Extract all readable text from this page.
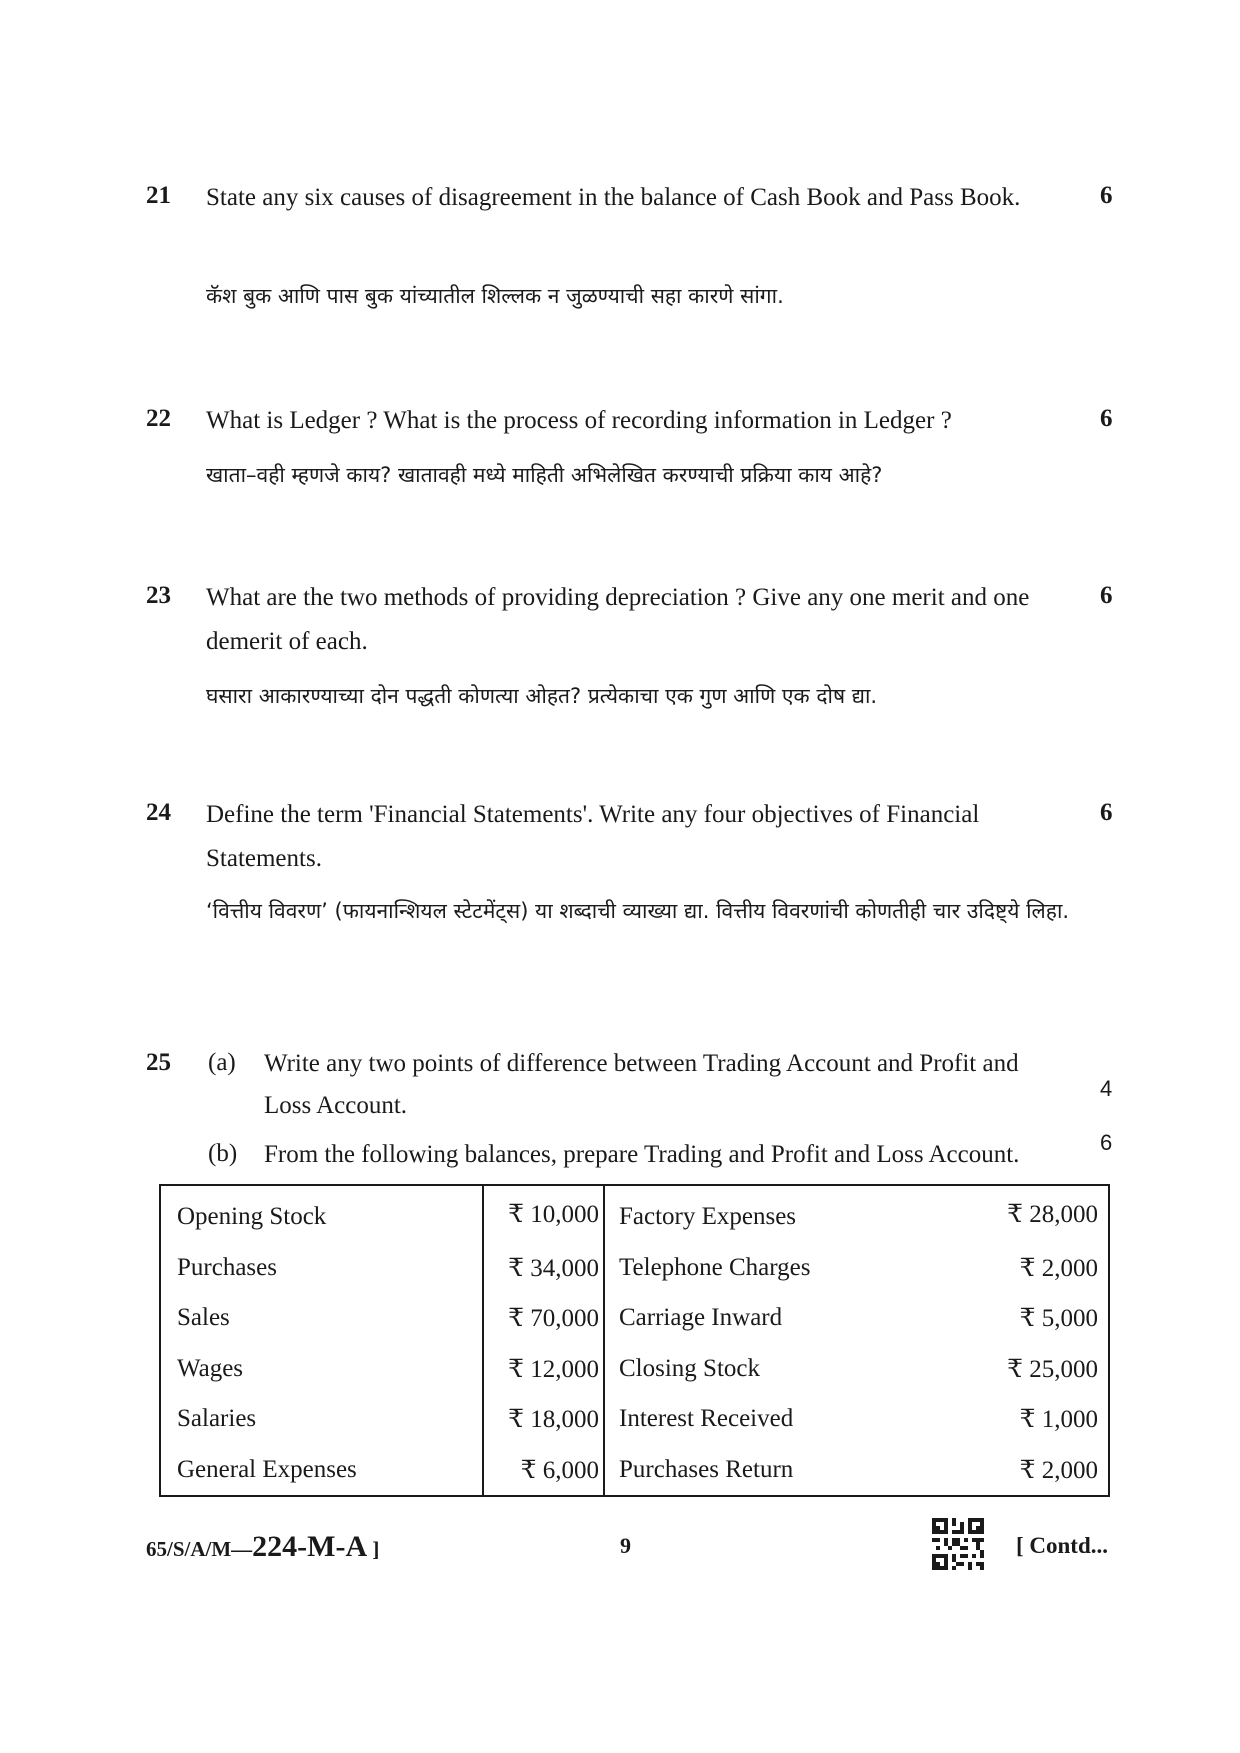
21 State any six causes of disagreement in the balance of Cash Book and Pass Book.
कॅश बुक आणि पास बुक यांच्यातील शिल्लक न जुळण्याची सहा कारणे सांगा.
6
22 What is Ledger ? What is the process of recording information in Ledger ?
खाता–वही म्हणजे काय? खातावही मध्ये माहिती अभिलेखित करण्याची प्रक्रिया काय आहे?
6
23 What are the two methods of providing depreciation ? Give any one merit and one demerit of each.
घसारा आकारण्याच्या दोन पद्धती कोणत्या ओहत? प्रत्येकाचा एक गुण आणि एक दोष द्या.
6
24 Define the term 'Financial Statements'. Write any four objectives of Financial Statements.
‘वित्तीय विवरण’ (फायनान्शियल स्टेटमेंट्स) या शब्दाची व्याख्या द्या. वित्तीय विवरणांची कोणतीही चार उदिष्ट्ये लिहा.
6
25 (a) Write any two points of difference between Trading Account and Profit and Loss Account.
4
(b) From the following balances, prepare Trading and Profit and Loss Account.	6
Opening Stock	₹ 10,000	Factory Expenses	₹ 28,000
Purchases	₹ 34,000	Telephone Charges	₹ 2,000
Sales	₹ 70,000	Carriage Inward	₹ 5,000
Wages	₹ 12,000	Closing Stock	₹ 25,000
Salaries	₹ 18,000	Interest Received	₹ 1,000
General Expenses	₹ 6,000	Purchases Return	₹ 2,000
65/S/A/M—224-M-A ]	9	[ Contd...
